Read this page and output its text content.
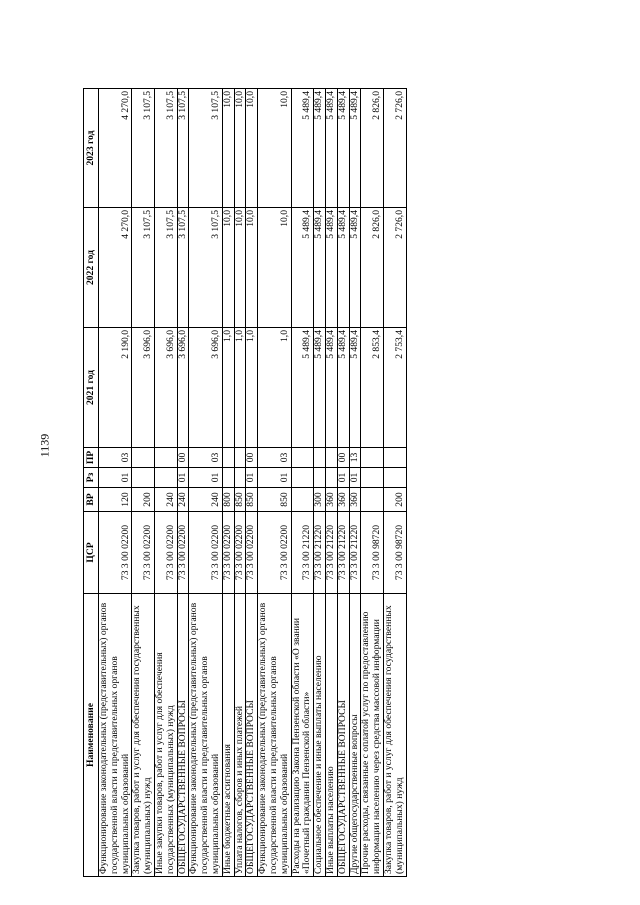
1139
Наименование	ЦСР	ВР	Рз	ПР	2021 год	2022 год	2023 год
Функционирование законодательных (представительных) органов государственной власти и представительных органов муниципальных образований	73 3 00 02200	120	01	03	2 190,0	4 270,0	4 270,0
Закупка товаров, работ и услуг для обеспечения государственных (муниципальных) нужд	73 3 00 02200	200			3 696,0	3 107,5	3 107,5
Иные закупки товаров, работ и услуг для обеспечения государственных (муниципальных) нужд	73 3 00 02200	240			3 696,0	3 107,5	3 107,5
ОБЩЕГОСУДАРСТВЕННЫЕ ВОПРОСЫ	73 3 00 02200	240	01	00	3 696,0	3 107,5	3 107,5
Функционирование законодательных (представительных) органов государственной власти и представительных органов муниципальных образований	73 3 00 02200	240	01	03	3 696,0	3 107,5	3 107,5
Иные бюджетные ассигнования	73 3 00 02200	800			1,0	10,0	10,0
Уплата налогов, сборов и иных платежей	73 3 00 02200	850			1,0	10,0	10,0
ОБЩЕГОСУДАРСТВЕННЫЕ ВОПРОСЫ	73 3 00 02200	850	01	00	1,0	10,0	10,0
Функционирование законодательных (представительных) органов государственной власти и представительных органов муниципальных образований	73 3 00 02200	850	01	03	1,0	10,0	10,0
Расходы на реализацию Закона Пензенской области «О звании «Почетный гражданин Пензенской области»	73 3 00 21220				5 489,4	5 489,4	5 489,4
Социальное обеспечение и иные выплаты населению	73 3 00 21220	300			5 489,4	5 489,4	5 489,4
Иные выплаты населению	73 3 00 21220	360			5 489,4	5 489,4	5 489,4
ОБЩЕГОСУДАРСТВЕННЫЕ ВОПРОСЫ	73 3 00 21220	360	01	00	5 489,4	5 489,4	5 489,4
Другие общегосударственные вопросы	73 3 00 21220	360	01	13	5 489,4	5 489,4	5 489,4
Прочие расходы, связанные с оплатой услуг по предоставлению информации населению через средства массовой информации	73 3 00 98720				2 853,4	2 826,0	2 826,0
Закупка товаров, работ и услуг для обеспечения государственных (муниципальных) нужд	73 3 00 98720	200			2 753,4	2 726,0	2 726,0
